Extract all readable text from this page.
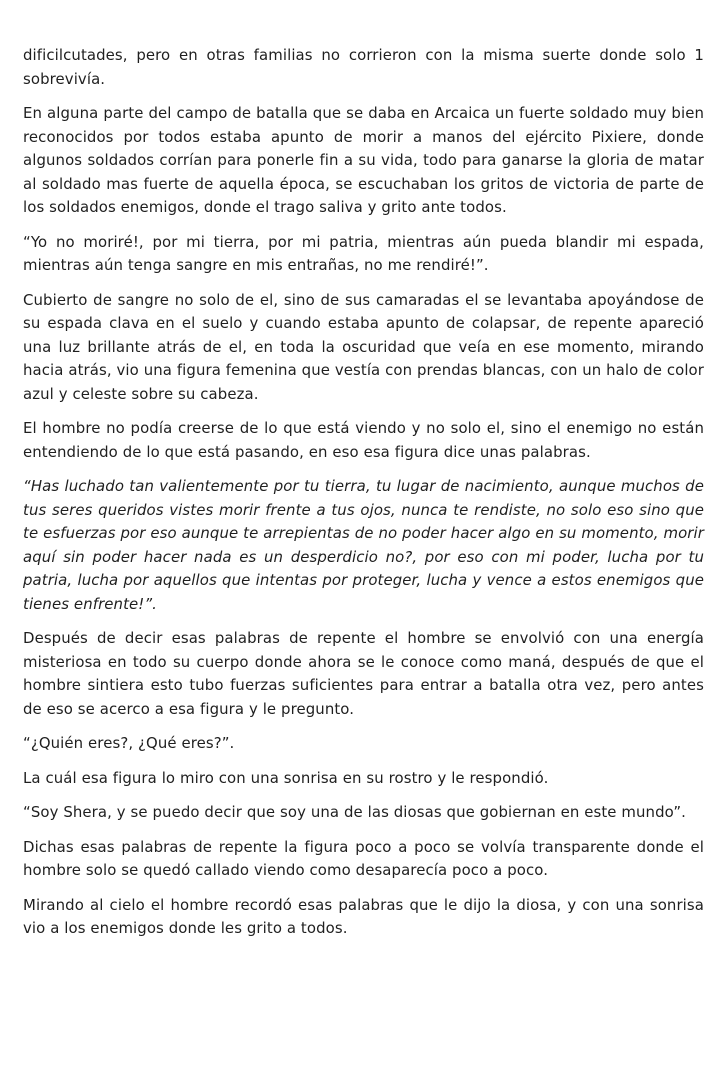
dificilcutades, pero en otras familias no corrieron con la misma suerte donde solo 1 sobrevivía.

En alguna parte del campo de batalla que se daba en Arcaica un fuerte soldado muy bien reconocidos por todos estaba apunto de morir a manos del ejército Pixiere, donde algunos soldados corrían para ponerle fin a su vida, todo para ganarse la gloria de matar al soldado mas fuerte de aquella época, se escuchaban los gritos de victoria de parte de los soldados enemigos, donde el trago saliva y grito ante todos.

“Yo no moriré!, por mi tierra, por mi patria, mientras aún pueda blandir mi espada, mientras aún tenga sangre en mis entrañas, no me rendiré!”.

Cubierto de sangre no solo de el, sino de sus camaradas el se levantaba apoyándose de su espada clava en el suelo y cuando estaba apunto de colapsar, de repente apareció una luz brillante atrás de el, en toda la oscuridad que veía en ese momento, mirando hacia atrás, vio una figura femenina que vestía con prendas blancas, con un halo de color azul y celeste sobre su cabeza.

El hombre no podía creerse de lo que está viendo y no solo el, sino el enemigo no están entendiendo de lo que está pasando, en eso esa figura dice unas palabras.

“Has luchado tan valientemente por tu tierra, tu lugar de nacimiento, aunque muchos de tus seres queridos vistes morir frente a tus ojos, nunca te rendiste, no solo eso sino que te esfuerzas por eso aunque te arrepientas de no poder hacer algo en su momento, morir aquí sin poder hacer nada es un desperdicio no?, por eso con mi poder, lucha por tu patria, lucha por aquellos que intentas por proteger, lucha y vence a estos enemigos que tienes enfrente!”.

Después de decir esas palabras de repente el hombre se envolvió con una energía misteriosa en todo su cuerpo donde ahora se le conoce como maná, después de que el hombre sintiera esto tubo fuerzas suficientes para entrar a batalla otra vez, pero antes de eso se acerco a esa figura y le pregunto.

“¿Quién eres?, ¿Qué eres?”.

La cuál esa figura lo miro con una sonrisa en su rostro y le respondió.

“Soy Shera, y se puedo decir que soy una de las diosas que gobiernan en este mundo”.

Dichas esas palabras de repente la figura poco a poco se volvía transparente donde el hombre solo se quedó callado viendo como desaparecía poco a poco.

Mirando al cielo el hombre recordó esas palabras que le dijo la diosa, y con una sonrisa vio a los enemigos donde les grito a todos.
